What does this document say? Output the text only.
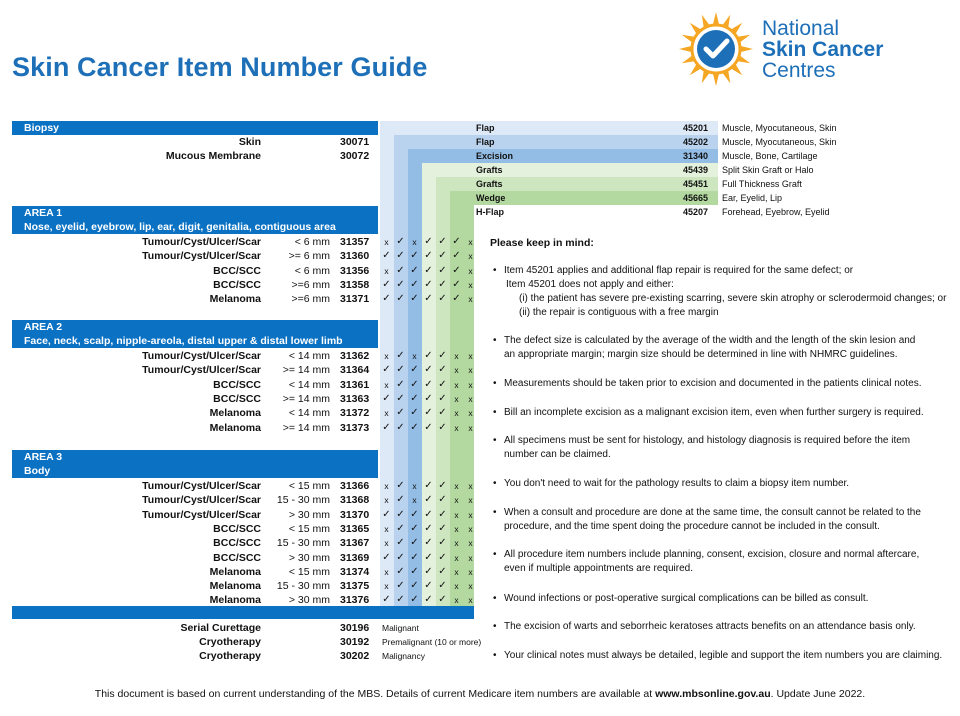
Skin Cancer Item Number Guide
National
Skin Cancer
Centres
Flap	45201 Muscle, Myocutaneous, Skin
Flap	45202 Muscle, Myocutaneous, Skin
Excision	31340 Muscle, Bone, Cartilage
Grafts	45439 Split Skin Graft or Halo
Grafts	45451 Full Thickness Graft
Wedge	45665 Ear, Eyelid, Lip
H-Flap	45207 Forehead, Eyebrow, Eyelid
Biopsy
Skin	30071
Mucous Membrane	30072
AREA 1
Nose, eyelid, eyebrow, lip, ear, digit, genitalia, contiguous area
Tumour/Cyst/Ulcer/Scar	< 6 mm 31357	x ✓ x ✓ ✓ ✓ x
Tumour/Cyst/Ulcer/Scar	>= 6 mm 31360 ✓ ✓ ✓ ✓ ✓ ✓ x
BCC/SCC	< 6 mm 31356	x ✓ ✓ ✓ ✓ ✓ x
BCC/SCC	>=6 mm 31358 ✓ ✓ ✓ ✓ ✓ ✓ x
Melanoma	>=6 mm 31371 ✓ ✓ ✓ ✓ ✓ ✓ x
AREA 2
Face, neck, scalp, nipple-areola, distal upper & distal lower limb
Tumour/Cyst/Ulcer/Scar	< 14 mm 31362	x ✓ x ✓ ✓ x	x
Tumour/Cyst/Ulcer/Scar >= 14 mm 31364 ✓ ✓ ✓ ✓ ✓ x	x
BCC/SCC	< 14 mm 31361	x ✓ ✓ ✓ ✓ x	x
BCC/SCC >= 14 mm 31363 ✓ ✓ ✓ ✓ ✓ x	x
Melanoma	< 14 mm 31372	x ✓ ✓ ✓ ✓ x	x
Melanoma >= 14 mm 31373 ✓ ✓ ✓ ✓ ✓ x	x
AREA 3
Body
Tumour/Cyst/Ulcer/Scar	< 15 mm 31366	x ✓ x ✓ ✓ x	x
Tumour/Cyst/Ulcer/Scar 15 - 30 mm 31368	x ✓ x ✓ ✓ x	x
Tumour/Cyst/Ulcer/Scar	> 30 mm 31370 ✓ ✓ ✓ ✓ ✓ x	x
BCC/SCC	< 15 mm 31365	x ✓ ✓ ✓ ✓ x	x
BCC/SCC 15 - 30 mm 31367	x ✓ ✓ ✓ ✓ x	x
BCC/SCC	> 30 mm 31369 ✓ ✓ ✓ ✓ ✓ x	x
Melanoma	< 15 mm 31374	x ✓ ✓ ✓ ✓ x	x
Melanoma 15 - 30 mm 31375	x ✓ ✓ ✓ ✓ x	x
Melanoma	> 30 mm 31376 ✓ ✓ ✓ ✓ ✓ x	x
Serial Curettage	30196 Malignant
Cryotherapy	30192 Premalignant (10 or more)
Cryotherapy	30202 Malignancy
Please keep in mind:
• Item 45201 applies and additional flap repair is required for the same defect; or
Item 45201 does not apply and either:
(i) the patient has severe pre-existing scarring, severe skin atrophy or sclerodermoid changes; or
(ii) the repair is contiguous with a free margin
• The defect size is calculated by the average of the width and the length of the skin lesion and
an appropriate margin; margin size should be determined in line with NHMRC guidelines.
• Measurements should be taken prior to excision and documented in the patients clinical notes.
• Bill an incomplete excision as a malignant excision item, even when further surgery is required.
• All specimens must be sent for histology, and histology diagnosis is required before the item
number can be claimed.
• You don't need to wait for the pathology results to claim a biopsy item number.
• When a consult and procedure are done at the same time, the consult cannot be related to the
procedure, and the time spent doing the procedure cannot be included in the consult.
• All procedure item numbers include planning, consent, excision, closure and normal aftercare,
even if multiple appointments are required.
• Wound infections or post-operative surgical complications can be billed as consult.
• The excision of warts and seborrheic keratoses attracts benefits on an attendance basis only.
• Your clinical notes must always be detailed, legible and support the item numbers you are claiming.
This document is based on current understanding of the MBS. Details of current Medicare item numbers are available at www.mbsonline.gov.au. Update June 2022.
